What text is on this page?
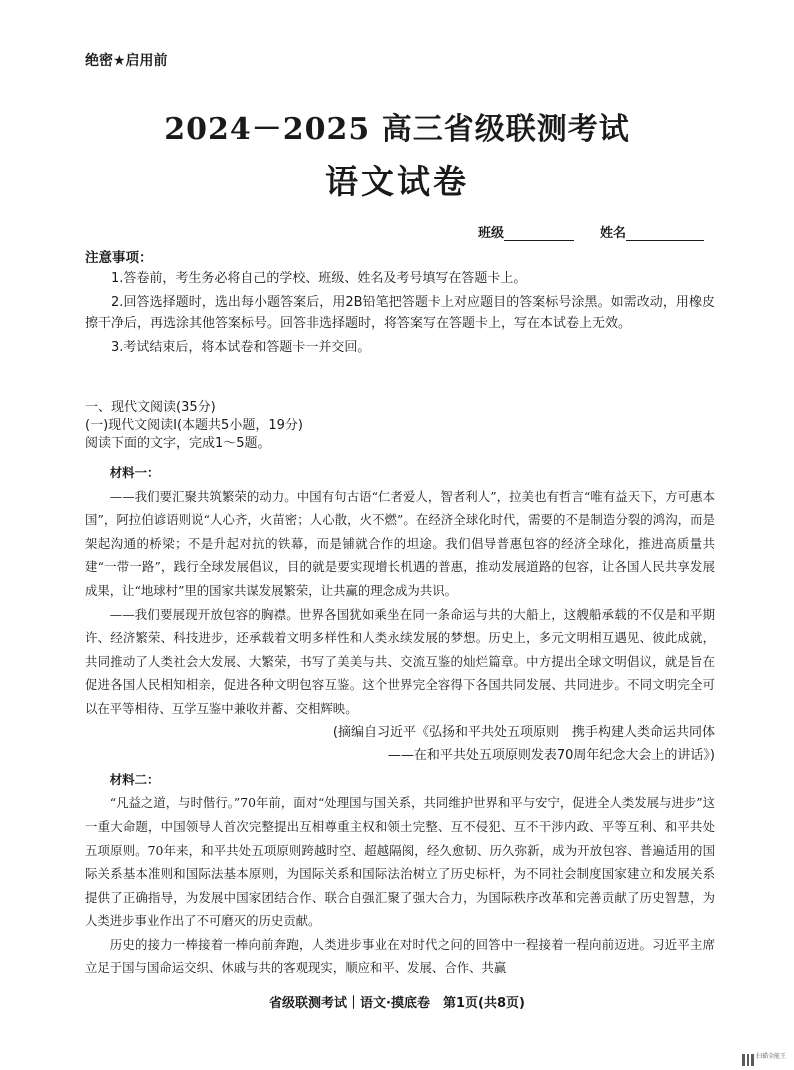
绝密★启用前
2024－2025 高三省级联测考试
语文试卷
班级	姓名
注意事项：

1.答卷前，考生务必将自己的学校、班级、姓名及考号填写在答题卡上。

2.回答选择题时，选出每小题答案后，用2B铅笔把答题卡上对应题目的答案标号涂黑。如需改动，用橡皮擦干净后，再选涂其他答案标号。回答非选择题时，将答案写在答题卡上，写在本试卷上无效。

3.考试结束后，将本试卷和答题卡一并交回。

一、现代文阅读(35分)
(一)现代文阅读Ⅰ(本题共5小题，19分)
阅读下面的文字，完成1～5题。

材料一：

——我们要汇聚共筑繁荣的动力。中国有句古语“仁者爱人，智者利人”，拉美也有哲言“唯有益天下，方可惠本国”，阿拉伯谚语则说“人心齐，火苗密；人心散，火不燃”。在经济全球化时代，需要的不是制造分裂的鸿沟，而是架起沟通的桥梁；不是升起对抗的铁幕，而是铺就合作的坦途。我们倡导普惠包容的经济全球化，推进高质量共建“一带一路”，践行全球发展倡议，目的就是要实现增长机遇的普惠，推动发展道路的包容，让各国人民共享发展成果，让“地球村”里的国家共谋发展繁荣，让共赢的理念成为共识。

——我们要展现开放包容的胸襟。世界各国犹如乘坐在同一条命运与共的大船上，这艘船承载的不仅是和平期许、经济繁荣、科技进步，还承载着文明多样性和人类永续发展的梦想。历史上，多元文明相互遇见、彼此成就，共同推动了人类社会大发展、大繁荣，书写了美美与共、交流互鉴的灿烂篇章。中方提出全球文明倡议，就是旨在促进各国人民相知相亲，促进各种文明包容互鉴。这个世界完全容得下各国共同发展、共同进步。不同文明完全可以在平等相待、互学互鉴中兼收并蓄、交相辉映。

(摘编自习近平《弘扬和平共处五项原则　携手构建人类命运共同体

——在和平共处五项原则发表70周年纪念大会上的讲话》)

材料二：

“凡益之道，与时偕行。”70年前，面对“处理国与国关系，共同维护世界和平与安宁，促进全人类发展与进步”这一重大命题，中国领导人首次完整提出互相尊重主权和领土完整、互不侵犯、互不干涉内政、平等互利、和平共处五项原则。70年来，和平共处五项原则跨越时空、超越隔阂，经久愈韧、历久弥新，成为开放包容、普遍适用的国际关系基本准则和国际法基本原则，为国际关系和国际法治树立了历史标杆，为不同社会制度国家建立和发展关系提供了正确指导，为发展中国家团结合作、联合自强汇聚了强大合力，为国际秩序改革和完善贡献了历史智慧，为人类进步事业作出了不可磨灭的历史贡献。

历史的接力一棒接着一棒向前奔跑，人类进步事业在对时代之问的回答中一程接着一程向前迈进。习近平主席立足于国与国命运交织、休戚与共的客观现实，顺应和平、发展、合作、共赢

省级联测考试｜语文·摸底卷　第1页(共8页)
扫描全能王
